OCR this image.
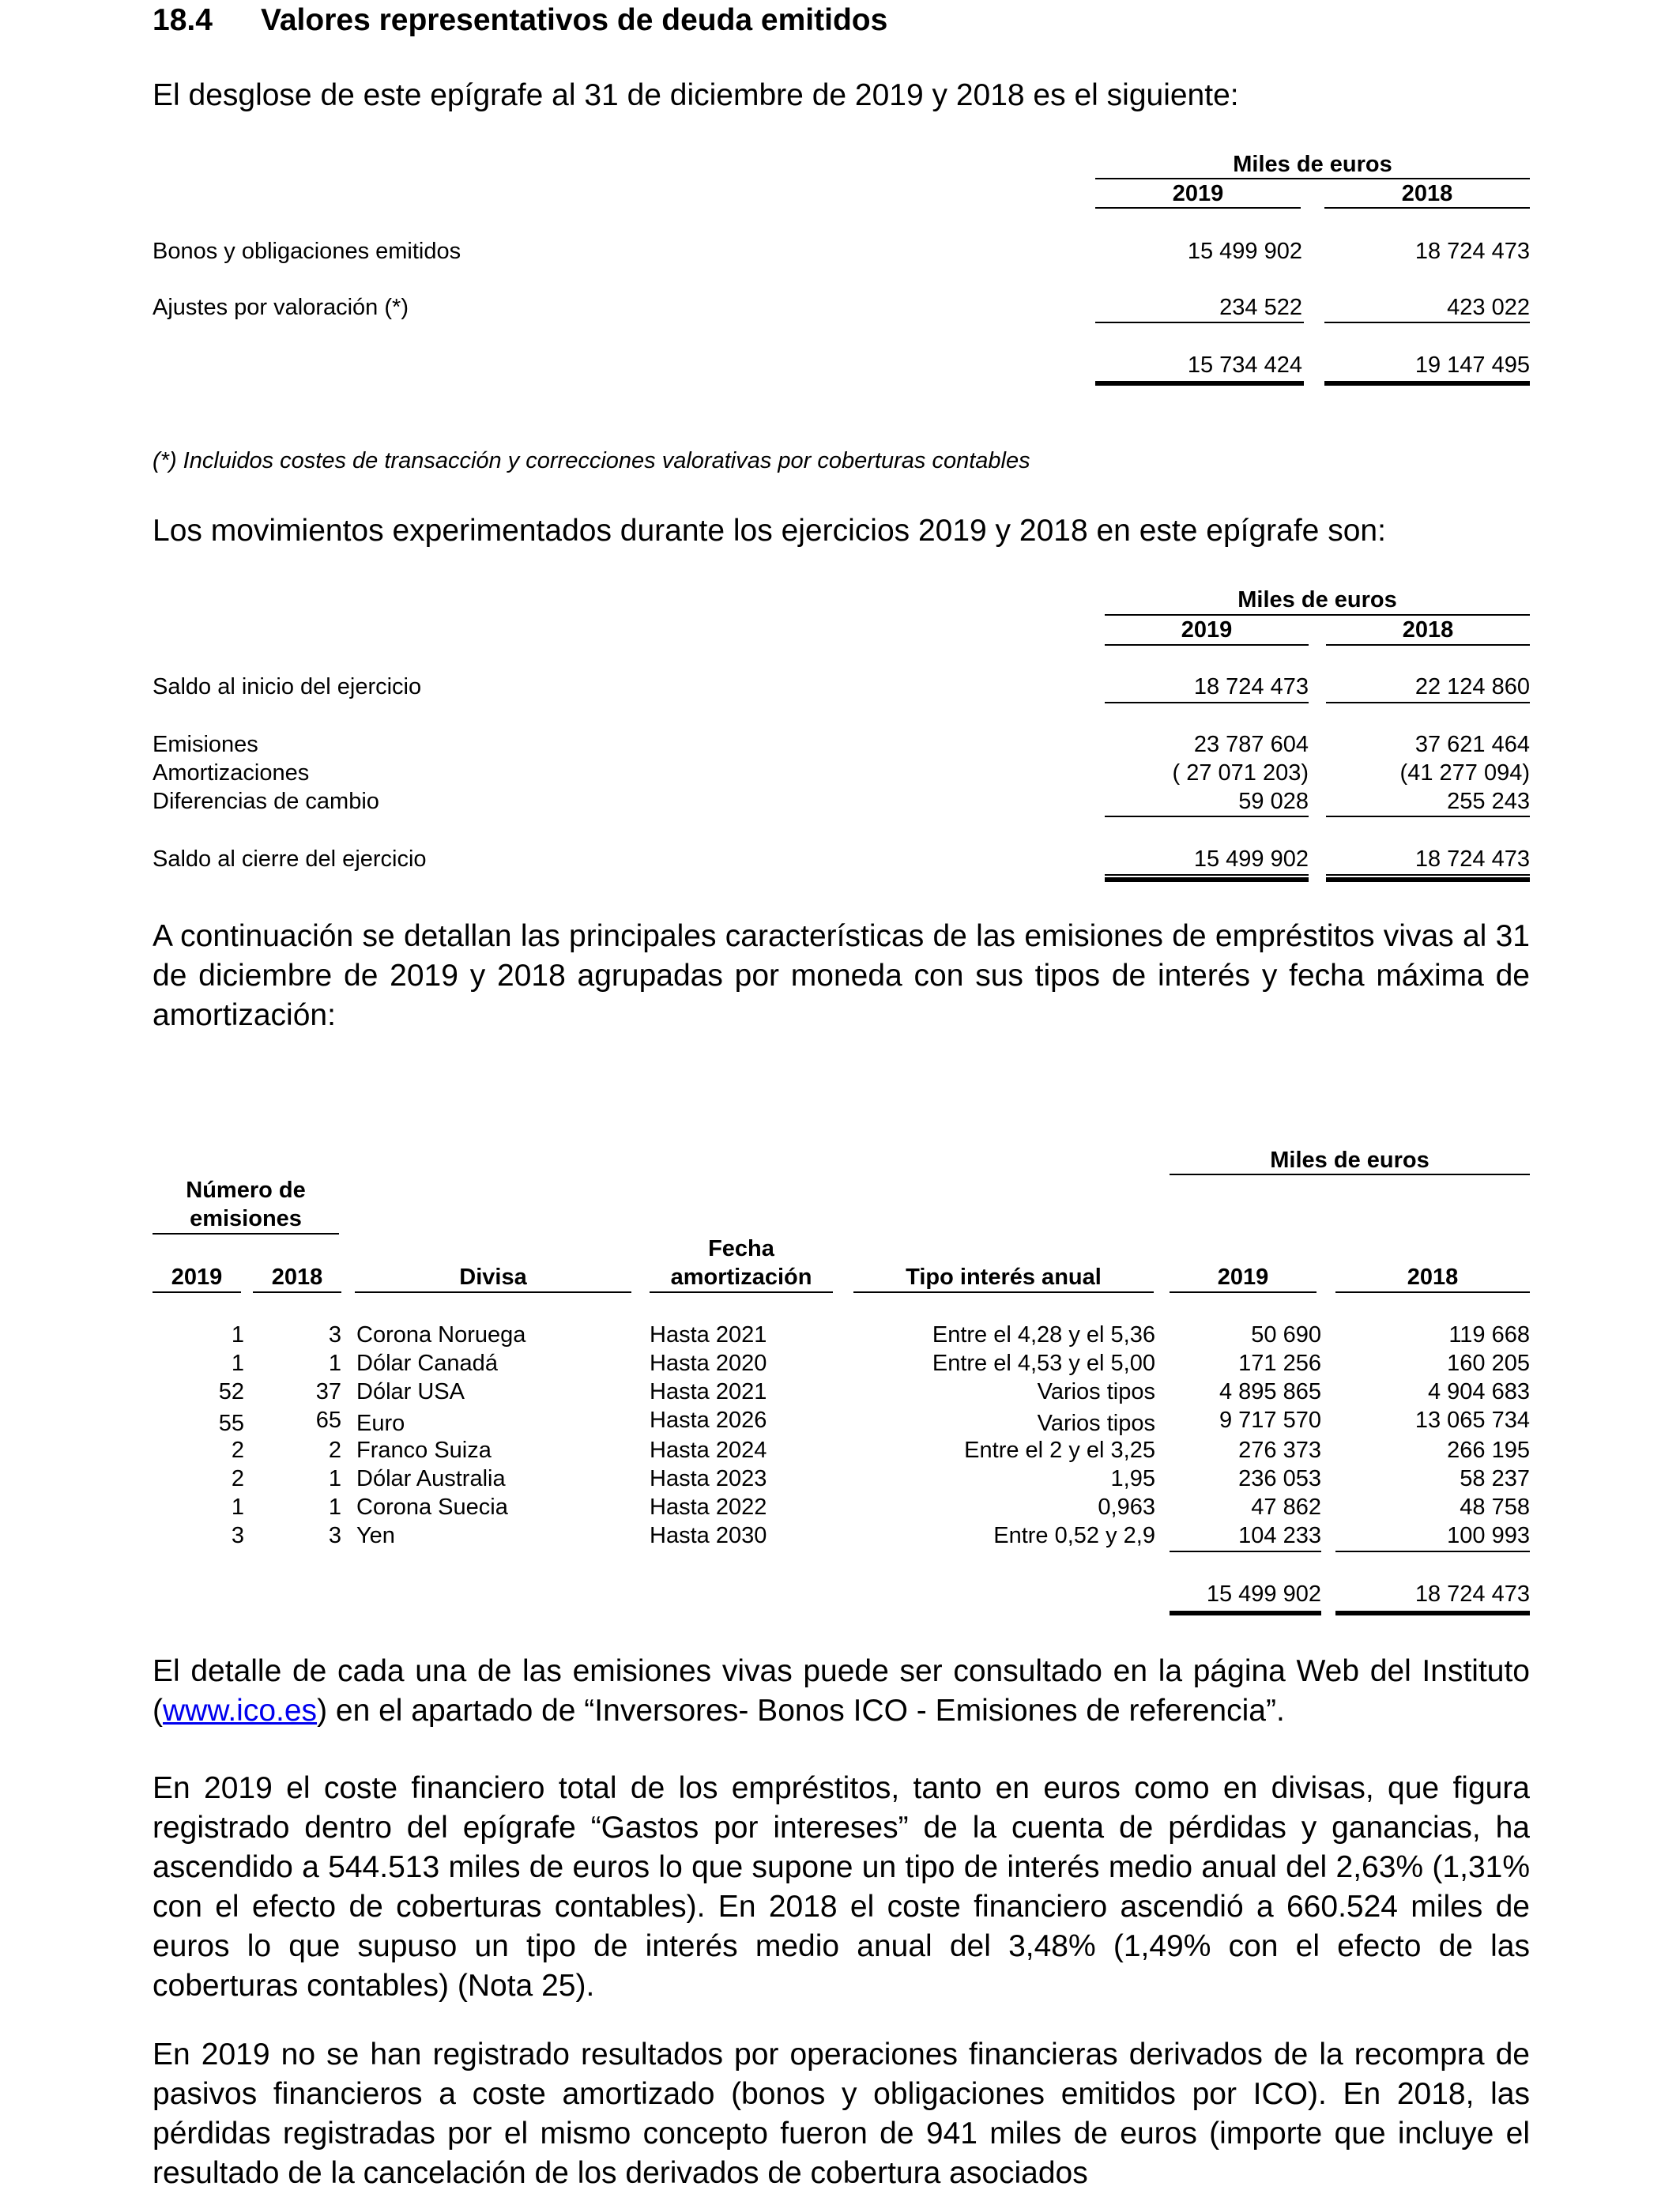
18.4 Valores representativos de deuda emitidos
El desglose de este epígrafe al 31 de diciembre de 2019 y 2018 es el siguiente:
Miles de euros
2019	2018
Bonos y obligaciones emitidos	15 499 902	18 724 473
Ajustes por valoración (*)	234 522	423 022
15 734 424	19 147 495
(*) Incluidos costes de transacción y correcciones valorativas por coberturas contables
Los movimientos experimentados durante los ejercicios 2019 y 2018 en este epígrafe son:
Miles de euros
2019	2018
Saldo al inicio del ejercicio	18 724 473	22 124 860
Emisiones	23 787 604	37 621 464
Amortizaciones	( 27 071 203)	(41 277 094)
Diferencias de cambio	59 028	255 243
Saldo al cierre del ejercicio	15 499 902	18 724 473
A continuación se detallan las principales características de las emisiones de empréstitos vivas al 31 de diciembre de 2019 y 2018 agrupadas por moneda con sus tipos de interés y fecha máxima de amortización:
Miles de euros
Número de
emisiones
Fecha
2019	2018	Divisa	amortización	Tipo interés anual	2019	2018
1	3 Corona Noruega	Hasta 2021	Entre el 4,28 y el 5,36	50 690	119 668
1	1 Dólar Canadá	Hasta 2020	Entre el 4,53 y el 5,00	171 256	160 205
52	37 Dólar USA	Hasta 2021	Varios tipos	4 895 865	4 904 683
55	65 Euro	Hasta 2026	Varios tipos	9 717 570	13 065 734
2	2 Franco Suiza	Hasta 2024	Entre el 2 y el 3,25	276 373	266 195
2	1 Dólar Australia	Hasta 2023	1,95	236 053	58 237
1	1 Corona Suecia	Hasta 2022	0,963	47 862	48 758
3	3 Yen	Hasta 2030	Entre 0,52 y 2,9	104 233	100 993
15 499 902	18 724 473
El detalle de cada una de las emisiones vivas puede ser consultado en la página Web del Instituto (www.ico.es) en el apartado de “Inversores- Bonos ICO - Emisiones de referencia”.
En 2019 el coste financiero total de los empréstitos, tanto en euros como en divisas, que figura registrado dentro del epígrafe “Gastos por intereses” de la cuenta de pérdidas y ganancias, ha ascendido a 544.513 miles de euros lo que supone un tipo de interés medio anual del 2,63% (1,31% con el efecto de coberturas contables). En 2018 el coste financiero ascendió a 660.524 miles de euros lo que supuso un tipo de interés medio anual del 3,48% (1,49% con el efecto de las coberturas contables) (Nota 25).
En 2019 no se han registrado resultados por operaciones financieras derivados de la recompra de pasivos financieros a coste amortizado (bonos y obligaciones emitidos por ICO). En 2018, las pérdidas registradas por el mismo concepto fueron de 941 miles de euros (importe que incluye el resultado de la cancelación de los derivados de cobertura asociados
